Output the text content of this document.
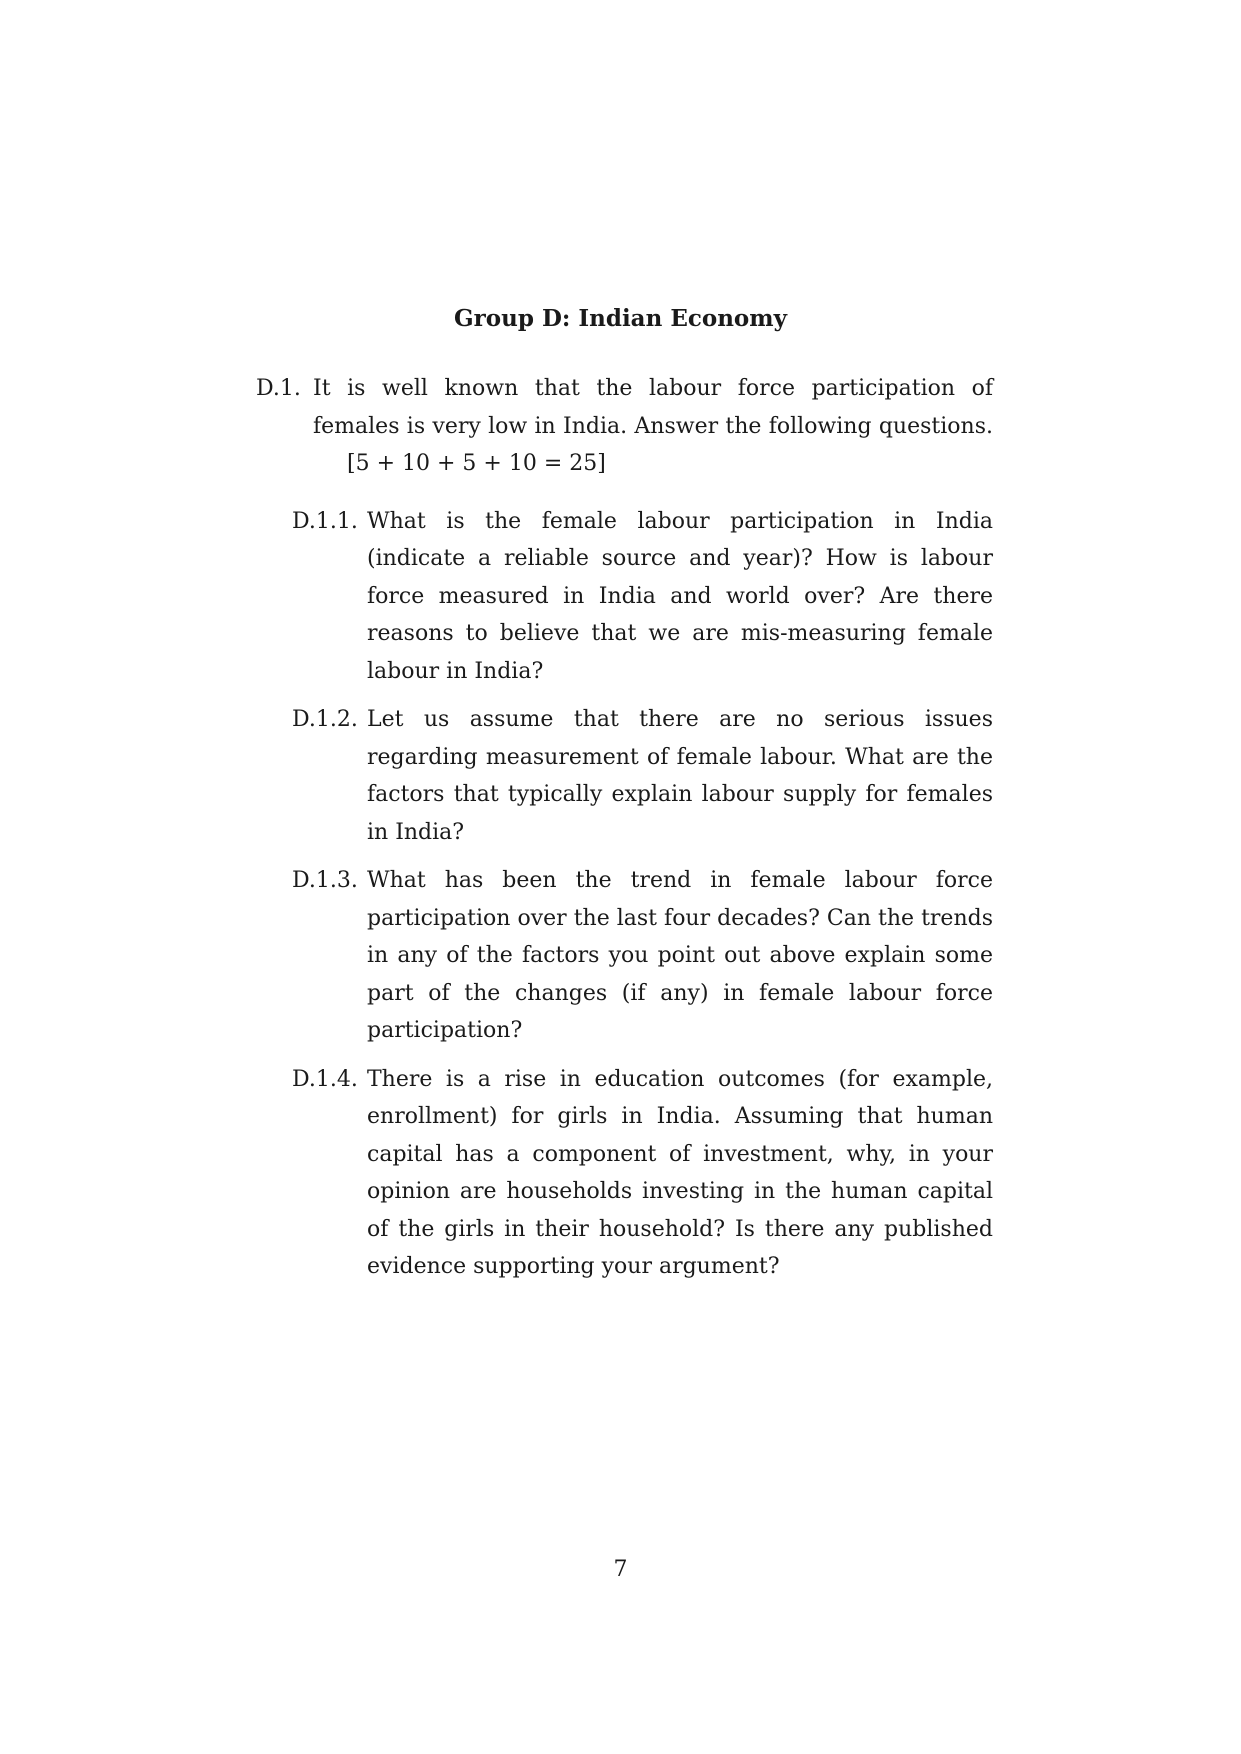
Group D: Indian Economy

D.1. It is well known that the labour force participation of females is very low in India. Answer the following questions. [5 + 10 + 5 + 10 = 25]

D.1.1. What is the female labour participation in India (indicate a reliable source and year)? How is labour force measured in India and world over? Are there reasons to believe that we are mis-measuring female labour in India?
D.1.2. Let us assume that there are no serious issues regarding measurement of female labour. What are the factors that typically explain labour supply for females in India?
D.1.3. What has been the trend in female labour force participation over the last four decades? Can the trends in any of the factors you point out above explain some part of the changes (if any) in female labour force participation?
D.1.4. There is a rise in education outcomes (for example, enrollment) for girls in India. Assuming that human capital has a component of investment, why, in your opinion are households investing in the human capital of the girls in their household? Is there any published evidence supporting your argument?
7
